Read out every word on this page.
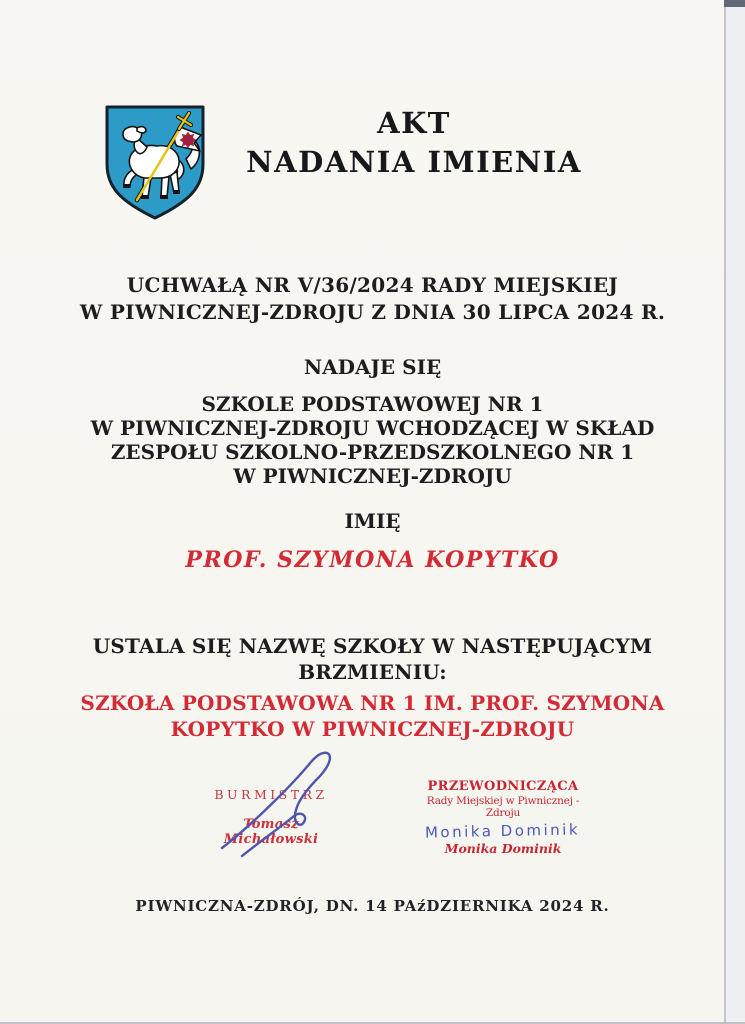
AKT
NADANIA IMIENIA
UCHWAŁĄ NR V/36/2024 RADY MIEJSKIEJ
W PIWNICZNEJ-ZDROJU Z DNIA 30 LIPCA 2024 R.
NADAJE SIĘ
SZKOLE PODSTAWOWEJ NR 1
W PIWNICZNEJ-ZDROJU WCHODZĄCEJ W SKŁAD
ZESPOŁU SZKOLNO-PRZEDSZKOLNEGO NR 1
W PIWNICZNEJ-ZDROJU
IMIĘ
PROF. SZYMONA KOPYTKO
USTALA SIĘ NAZWĘ SZKOŁY W NASTĘPUJĄCYM
BRZMIENIU:
SZKOŁA PODSTAWOWA NR 1 IM. PROF. SZYMONA
KOPYTKO W PIWNICZNEJ-ZDROJU
BURMISTRZ
Tomasz Michałowski
PRZEWODNICZĄCA
Rady Miejskiej w Piwnicznej - Zdroju
Monika Dominik
Monika Dominik
PIWNICZNA-ZDRÓJ, DN. 14 PAźDZIERNIKA 2024 R.
